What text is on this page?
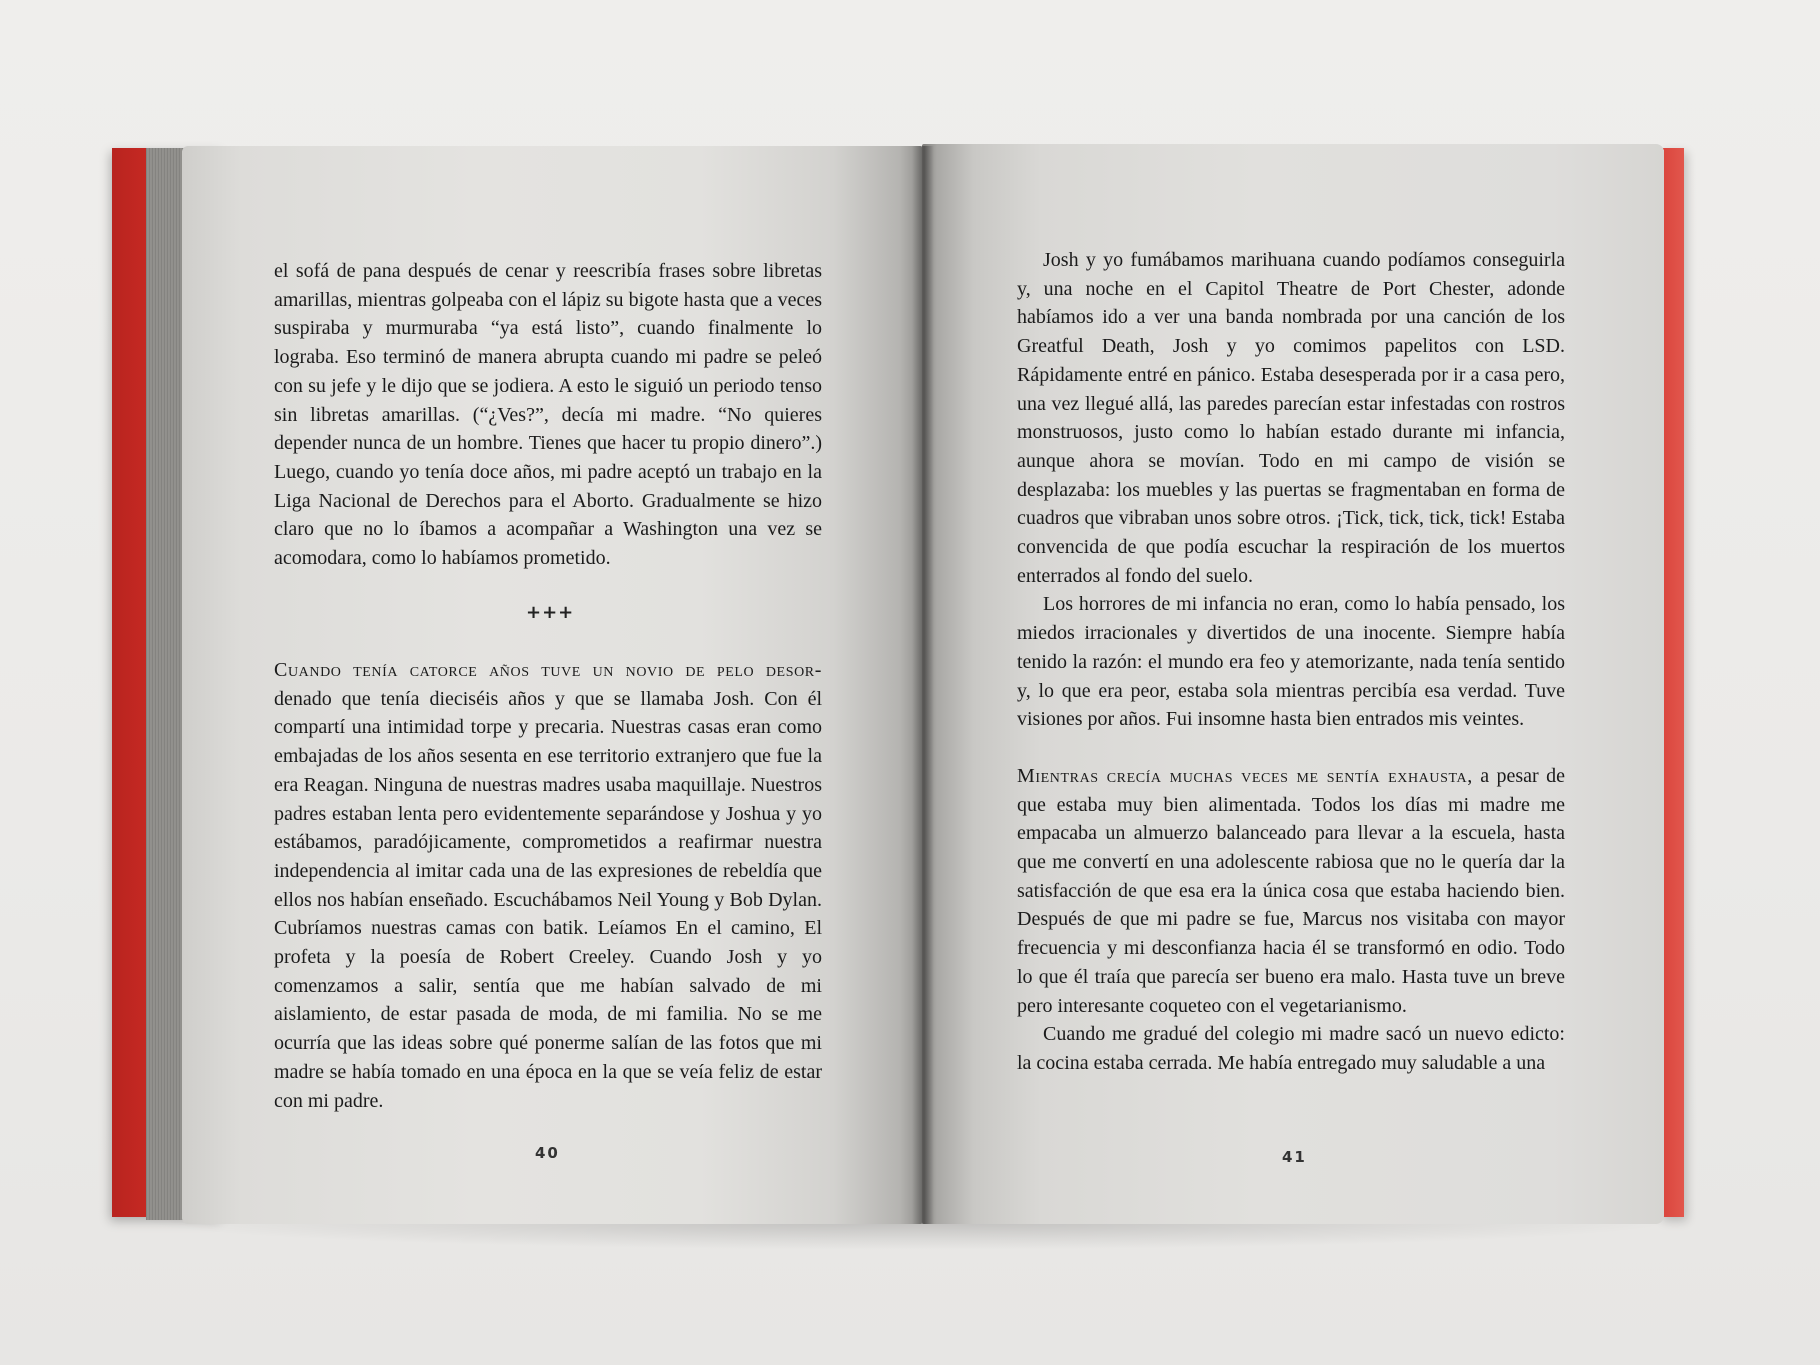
el sofá de pana después de cenar y reescribía frases sobre libretas amarillas, mientras golpeaba con el lápiz su bigote hasta que a veces suspiraba y murmuraba “ya está listo”, cuando finalmente lo lograba. Eso terminó de manera abrupta cuando mi padre se peleó con su jefe y le dijo que se jodiera. A esto le siguió un periodo tenso sin libretas amarillas. (“¿Ves?”, decía mi madre. “No quieres depender nunca de un hombre. Tienes que hacer tu propio dinero”.) Luego, cuando yo tenía doce años, mi padre aceptó un trabajo en la Liga Nacional de Derechos para el Aborto. Gradualmente se hizo claro que no lo íbamos a acompañar a Washington una vez se acomodara, como lo habíamos prometido.

+++

Cuando tenía catorce años tuve un novio de pelo desor-denado que tenía dieciséis años y que se llamaba Josh. Con él compartí una intimidad torpe y precaria. Nuestras casas eran como embajadas de los años sesenta en ese territorio extranjero que fue la era Reagan. Ninguna de nuestras madres usaba maquillaje. Nuestros padres estaban lenta pero evidentemente separándose y Joshua y yo estábamos, paradójicamente, comprometidos a reafirmar nuestra independencia al imitar cada una de las expresiones de rebeldía que ellos nos habían enseñado. Escuchábamos Neil Young y Bob Dylan. Cubríamos nuestras camas con batik. Leíamos En el camino, El profeta y la poesía de Robert Creeley. Cuando Josh y yo comenzamos a salir, sentía que me habían salvado de mi aislamiento, de estar pasada de moda, de mi familia. No se me ocurría que las ideas sobre qué ponerme salían de las fotos que mi madre se había tomado en una época en la que se veía feliz de estar con mi padre.

40

Josh y yo fumábamos marihuana cuando podíamos conseguirla y, una noche en el Capitol Theatre de Port Chester, adonde habíamos ido a ver una banda nombrada por una canción de los Greatful Death, Josh y yo comimos papelitos con LSD. Rápidamente entré en pánico. Estaba desesperada por ir a casa pero, una vez llegué allá, las paredes parecían estar infestadas con rostros monstruosos, justo como lo habían estado durante mi infancia, aunque ahora se movían. Todo en mi campo de visión se desplazaba: los muebles y las puertas se fragmentaban en forma de cuadros que vibraban unos sobre otros. ¡Tick, tick, tick, tick! Estaba convencida de que podía escuchar la respiración de los muertos enterrados al fondo del suelo.

Los horrores de mi infancia no eran, como lo había pensado, los miedos irracionales y divertidos de una inocente. Siempre había tenido la razón: el mundo era feo y atemorizante, nada tenía sentido y, lo que era peor, estaba sola mientras percibía esa verdad. Tuve visiones por años. Fui insomne hasta bien entrados mis veintes.

Mientras crecía muchas veces me sentía exhausta, a pesar de que estaba muy bien alimentada. Todos los días mi madre me empacaba un almuerzo balanceado para llevar a la escuela, hasta que me convertí en una adolescente rabiosa que no le quería dar la satisfacción de que esa era la única cosa que estaba haciendo bien. Después de que mi padre se fue, Marcus nos visitaba con mayor frecuencia y mi desconfianza hacia él se transformó en odio. Todo lo que él traía que parecía ser bueno era malo. Hasta tuve un breve pero interesante coqueteo con el vegetarianismo.

Cuando me gradué del colegio mi madre sacó un nuevo edicto: la cocina estaba cerrada. Me había entregado muy saludable a una

41
